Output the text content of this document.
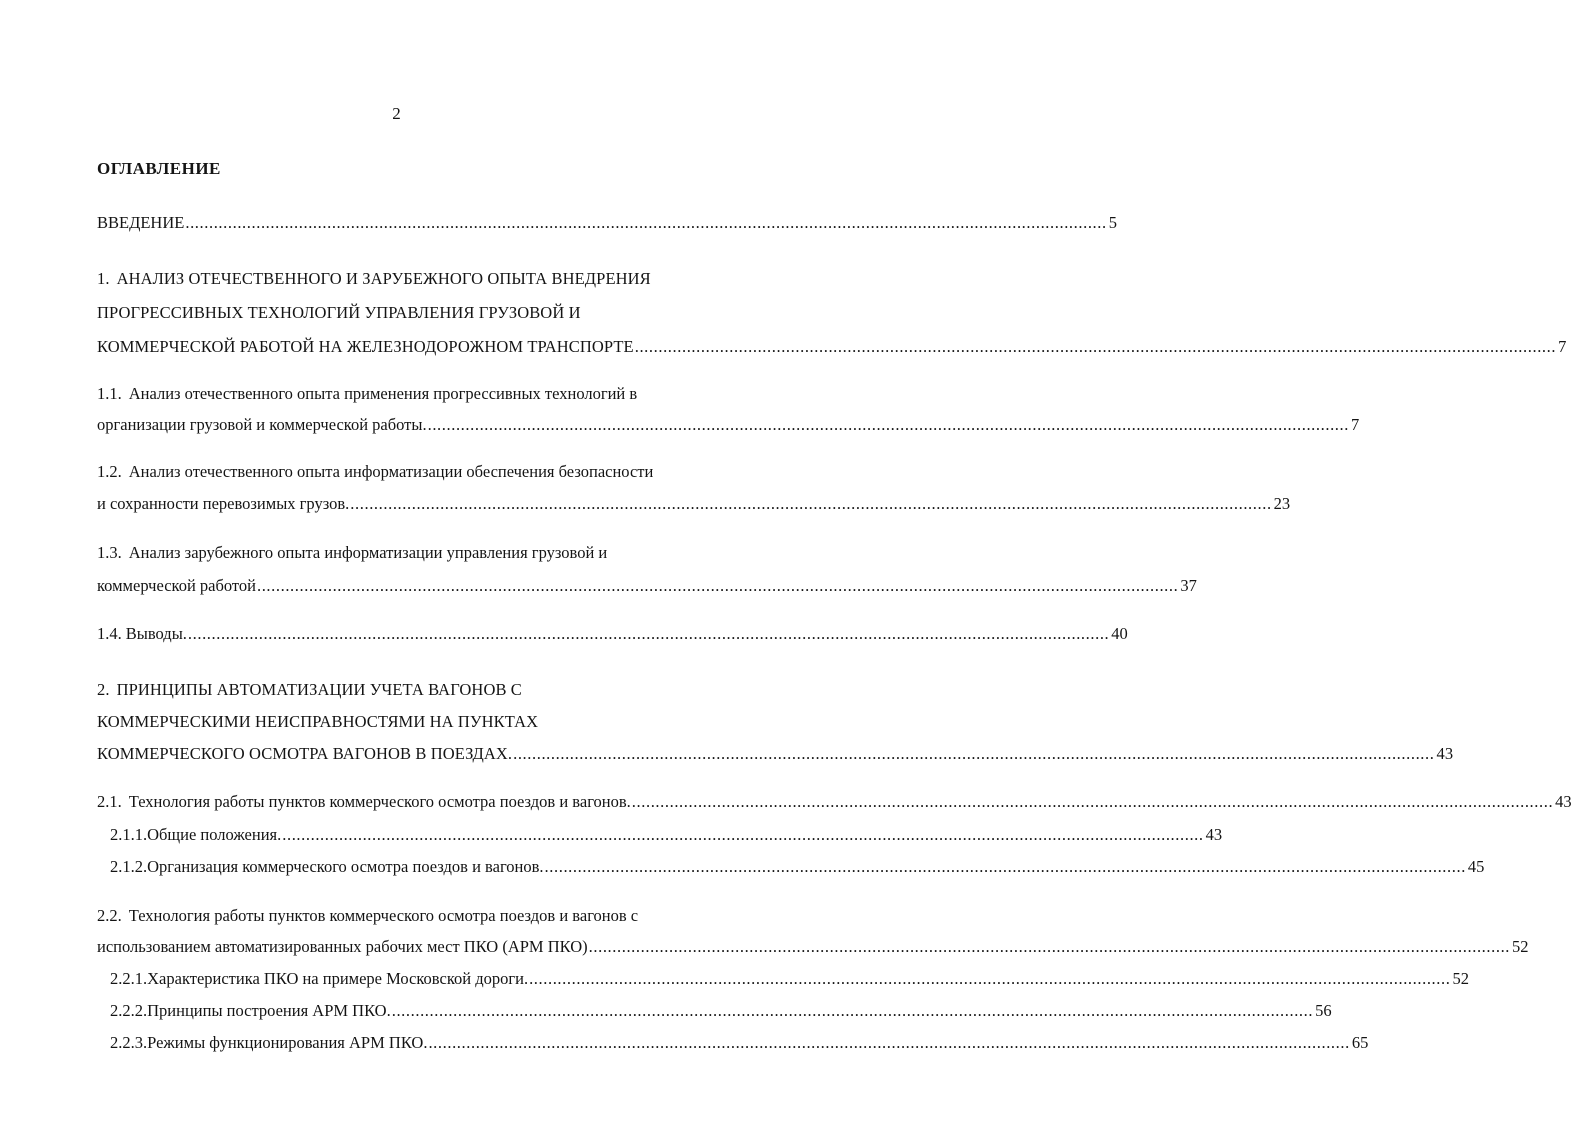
2
ОГЛАВЛЕНИЕ
ВВЕДЕНИЕ .....	5
1. АНАЛИЗ ОТЕЧЕСТВЕННОГО И ЗАРУБЕЖНОГО ОПЫТА ВНЕДРЕНИЯ
ПРОГРЕССИВНЫХ ТЕХНОЛОГИЙ УПРАВЛЕНИЯ ГРУЗОВОЙ И
КОММЕРЧЕСКОЙ РАБОТОЙ НА ЖЕЛЕЗНОДОРОЖНОМ ТРАНСПОРТЕ .....	7
1.1. Анализ отечественного опыта применения прогрессивных технологий в
организации грузовой и коммерческой работы. .....	7
1.2. Анализ отечественного опыта информатизации обеспечения безопасности
и сохранности перевозимых грузов. .....	23
1.3. Анализ зарубежного опыта информатизации управления грузовой и
коммерческой работой .....	37
1.4. Выводы. .....	40
2. ПРИНЦИПЫ АВТОМАТИЗАЦИИ УЧЕТА ВАГОНОВ С
КОММЕРЧЕСКИМИ НЕИСПРАВНОСТЯМИ НА ПУНКТАХ
КОММЕРЧЕСКОГО ОСМОТРА ВАГОНОВ В ПОЕЗДАХ. .....	43
2.1. Технология работы пунктов коммерческого осмотра поездов и вагонов. .....	43
2.1.1.Общие положения. .....	43
2.1.2.Организация коммерческого осмотра поездов и вагонов. .....	45
2.2. Технология работы пунктов коммерческого осмотра поездов и вагонов с
использованием автоматизированных рабочих мест ПКО (АРМ ПКО) .....	52
2.2.1.Характеристика ПКО на примере Московской дороги. .....	52
2.2.2.Принципы построения АРМ ПКО. .....	56
2.2.3.Режимы функционирования АРМ ПКО. .....	65
